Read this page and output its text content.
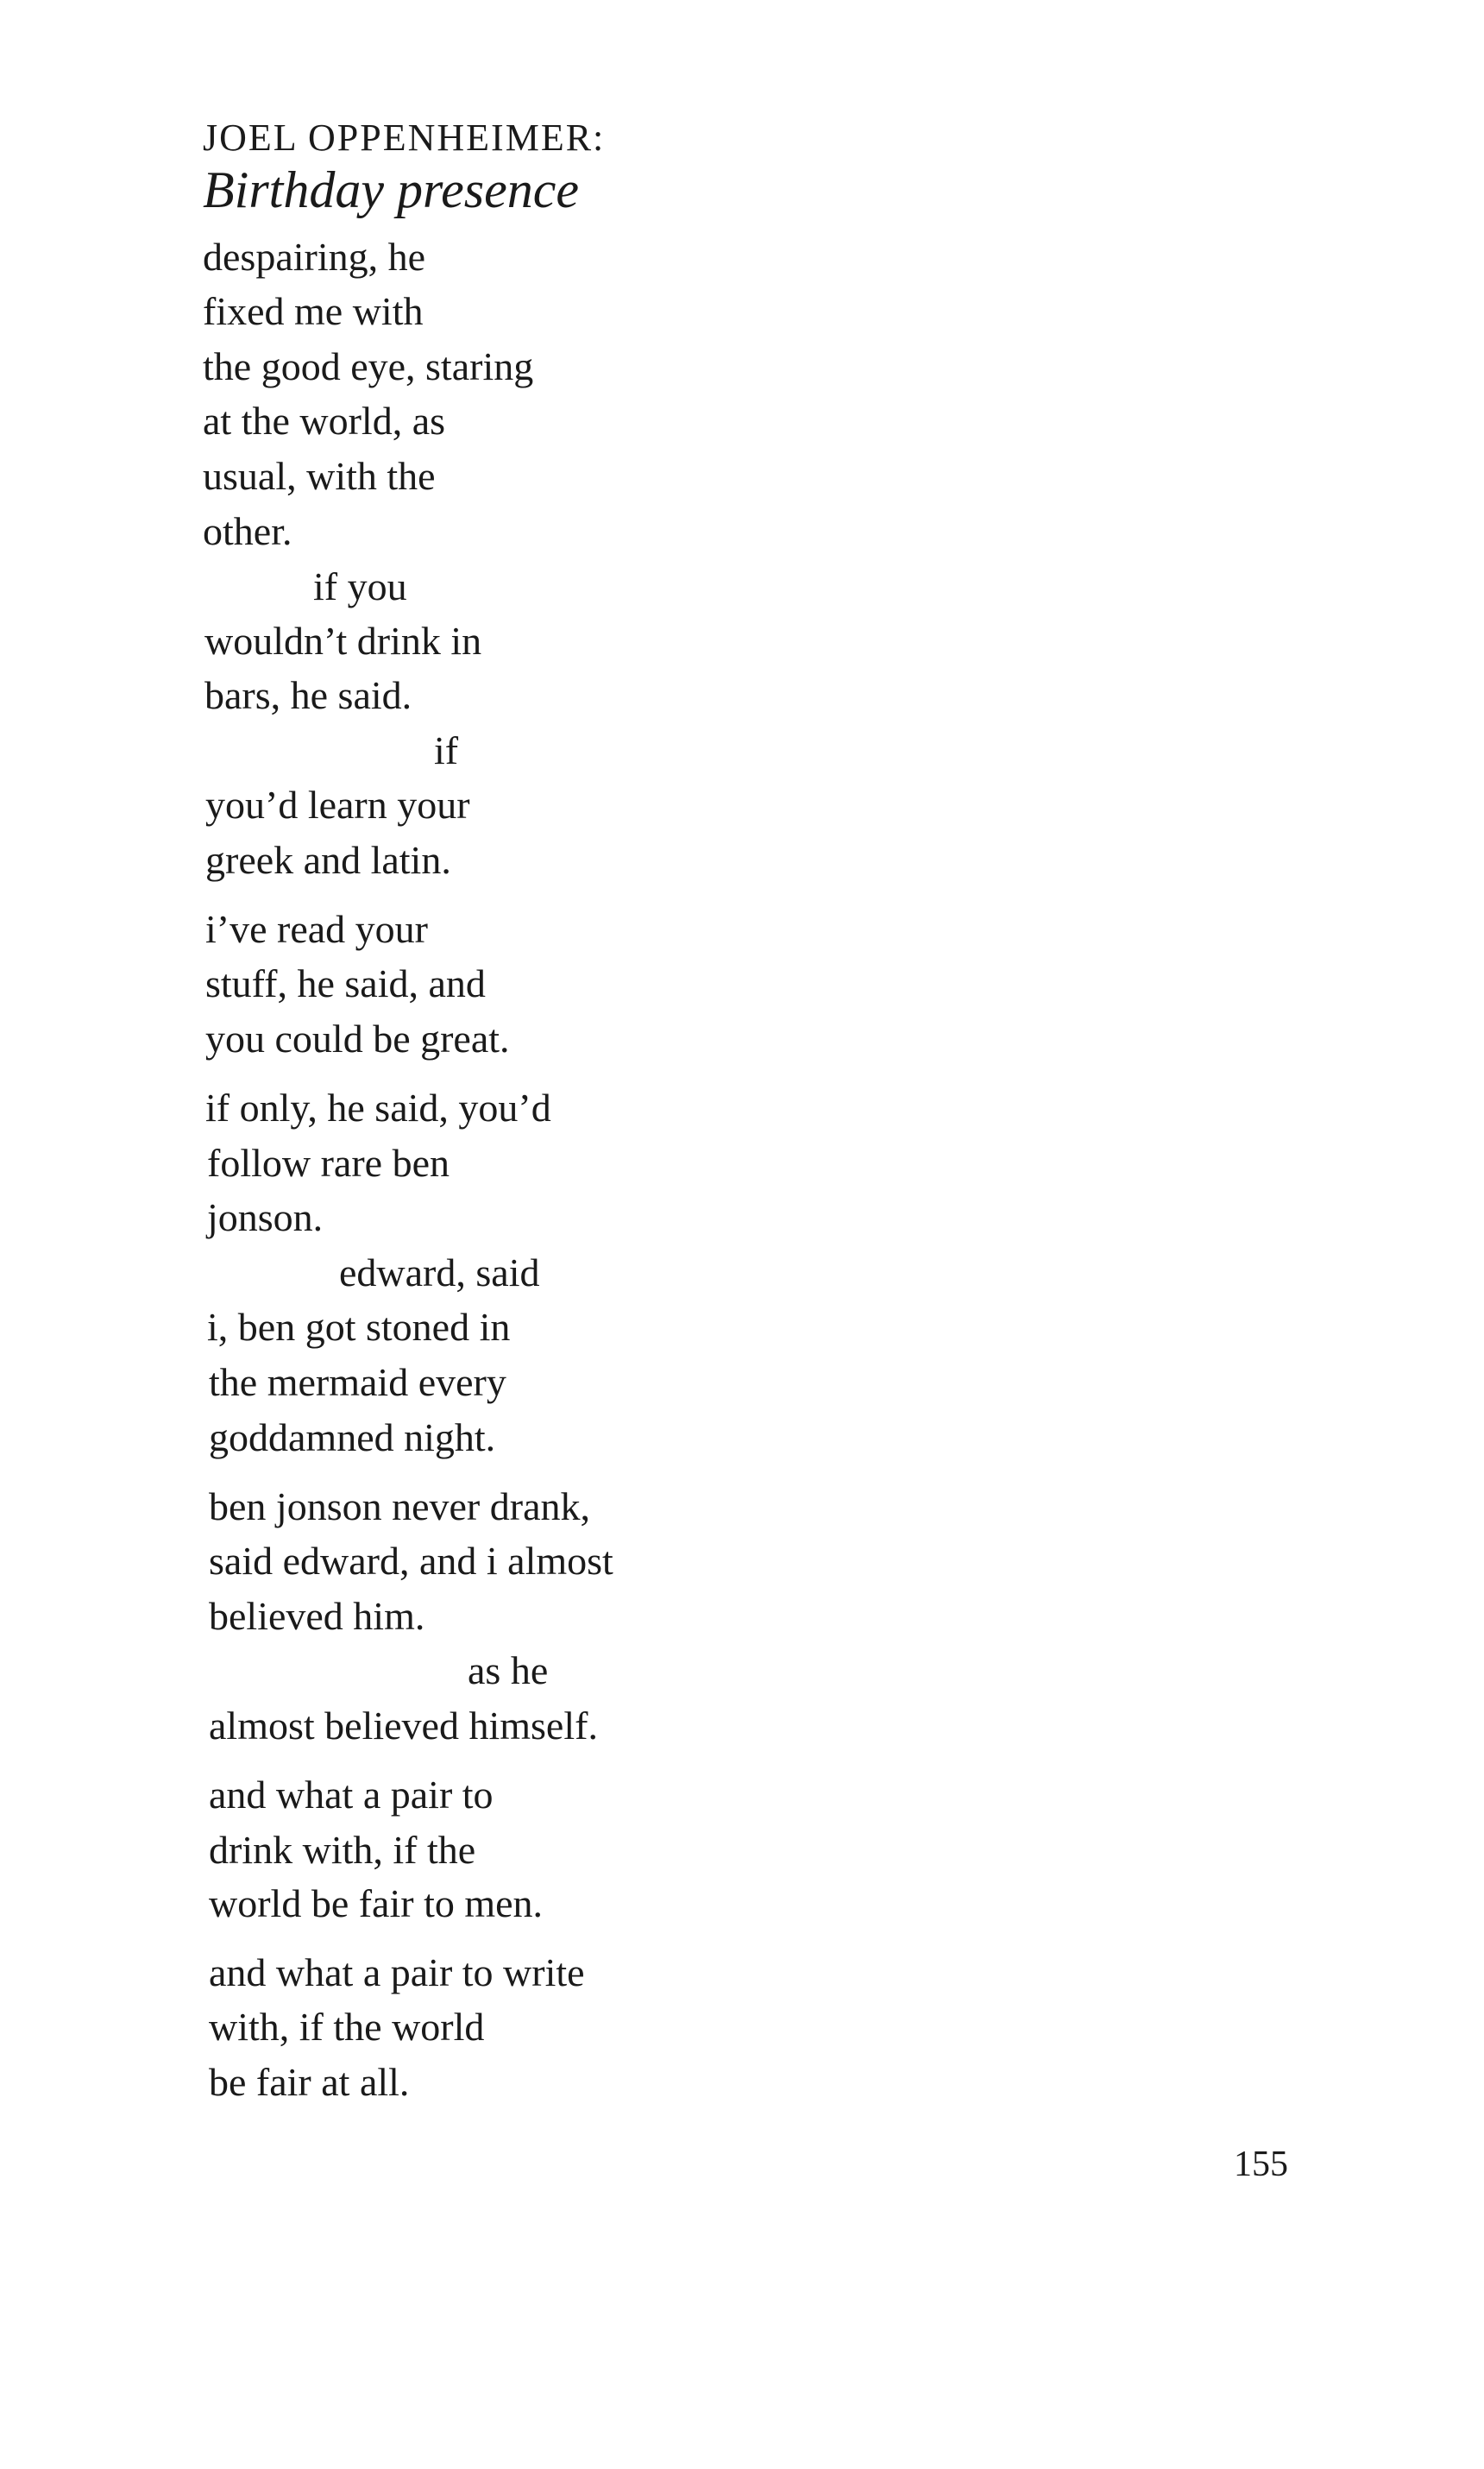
JOEL OPPENHEIMER:
Birthday presence
despairing, he
fixed me with
the good eye, staring
at the world, as
usual, with the
other.
if you
wouldn’t drink in
bars, he said.
if
you’d learn your
greek and latin.
i’ve read your
stuff, he said, and
you could be great.
if only, he said, you’d
follow rare ben
jonson.
edward, said
i, ben got stoned in
the mermaid every
goddamned night.
ben jonson never drank,
said edward, and i almost
believed him.
as he
almost believed himself.
and what a pair to
drink with, if the
world be fair to men.
and what a pair to write
with, if the world
be fair at all.
155
